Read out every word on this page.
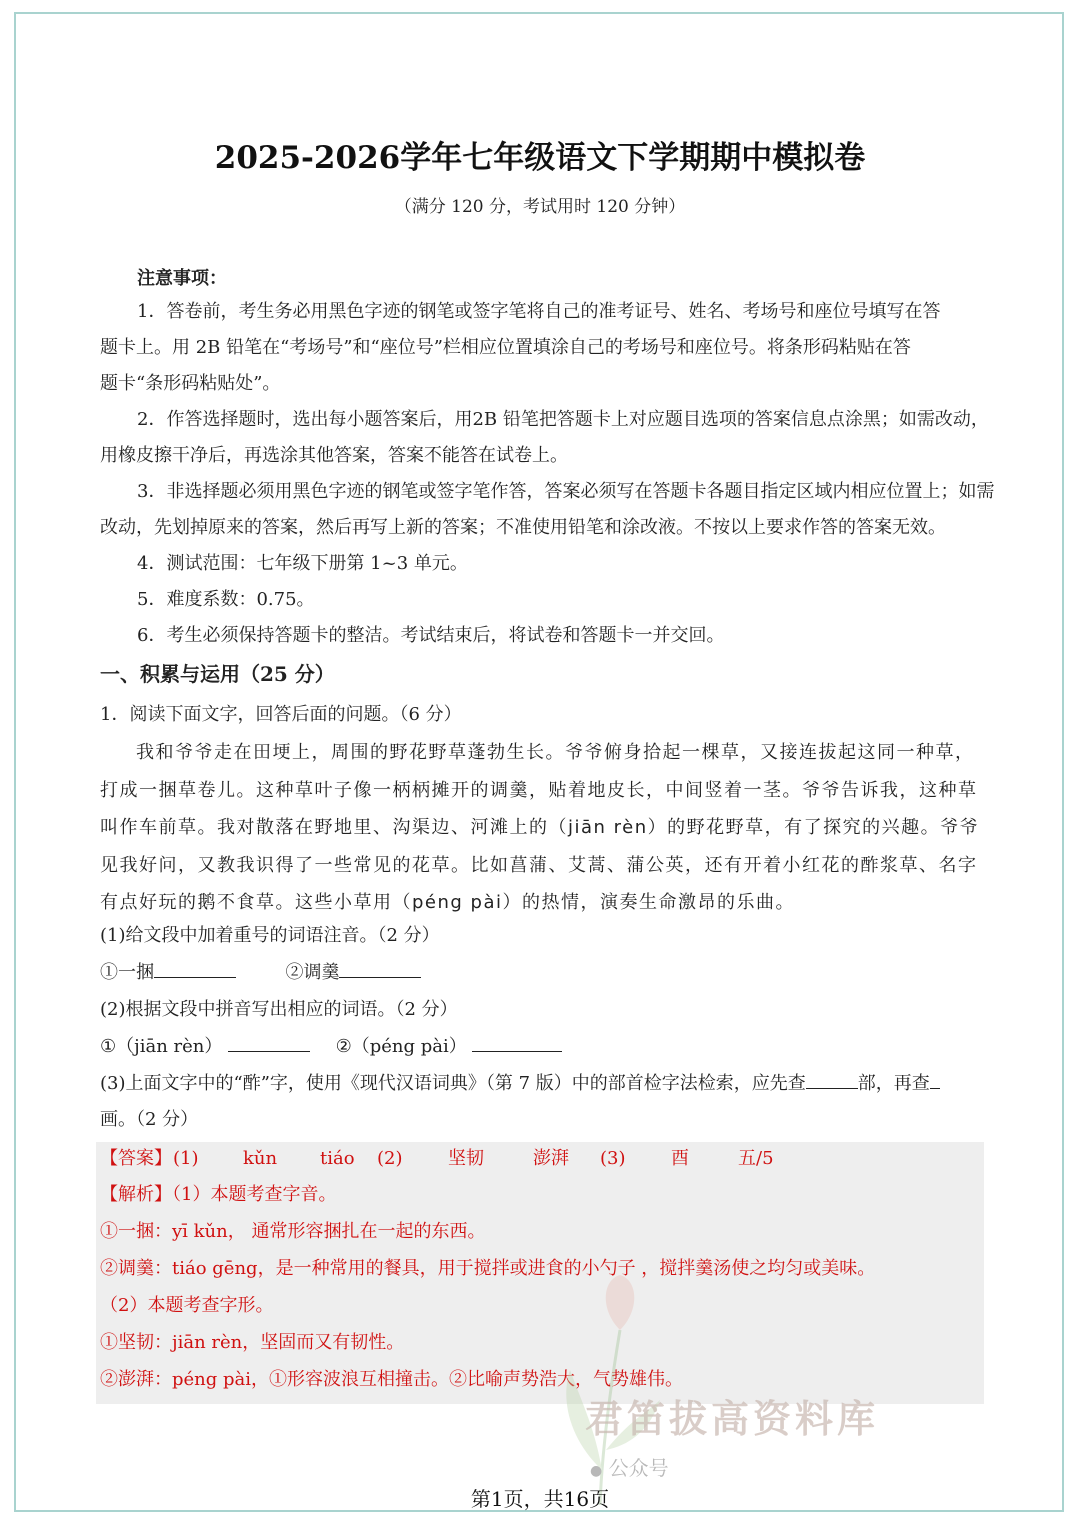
2025-2026学年七年级语文下学期期中模拟卷
（满分 120 分，考试用时 120 分钟）
注意事项：
1．答卷前，考生务必用黑色字迹的钢笔或签字笔将自己的准考证号、姓名、考场号和座位号填写在答
题卡上。用 2B 铅笔在“考场号”和“座位号”栏相应位置填涂自己的考场号和座位号。将条形码粘贴在答
题卡“条形码粘贴处”。
2．作答选择题时，选出每小题答案后，用2B 铅笔把答题卡上对应题目选项的答案信息点涂黑；如需改动，
用橡皮擦干净后，再选涂其他答案，答案不能答在试卷上。
3．非选择题必须用黑色字迹的钢笔或签字笔作答，答案必须写在答题卡各题目指定区域内相应位置上；如需
改动，先划掉原来的答案，然后再写上新的答案；不准使用铅笔和涂改液。不按以上要求作答的答案无效。
4．测试范围：七年级下册第 1~3 单元。
5．难度系数：0.75。
6．考生必须保持答题卡的整洁。考试结束后，将试卷和答题卡一并交回。
一、积累与运用（25 分）
1．阅读下面文字，回答后面的问题。（6 分）
我和爷爷走在田埂上，周围的野花野草蓬勃生长。爷爷俯身拾起一棵草，又接连拔起这同一种草，打成一捆草卷儿。这种草叶子像一柄柄摊开的调羹，贴着地皮长，中间竖着一茎。爷爷告诉我，这种草叫作车前草。我对散落在野地里、沟渠边、河滩上的（jiān rèn）的野花野草，有了探究的兴趣。爷爷见我好问，又教我识得了一些常见的花草。比如菖蒲、艾蒿、蒲公英，还有开着小红花的酢浆草、名字有点好玩的鹅不食草。这些小草用（péng pài）的热情，演奏生命激昂的乐曲。
(1)给文段中加着重号的词语注音。（2 分）
①一捆	②调羹
(2)根据文段中拼音写出相应的词语。（2 分）
①（jiān rèn）	②（péng pài）
(3)上面文字中的“酢”字，使用《现代汉语词典》（第 7 版）中的部首检字法检索，应先查	部，再查
画。（2 分）
【答案】 (1) kǔn tiáo (2)	坚韧	澎湃 (3)	酉	五/5
【解析】（1）本题考查字音。
①一捆：yī kǔn， 通常形容捆扎在一起的东西。
②调羹：tiáo gēng，是一种常用的餐具，用于搅拌或进食的小勺子 ，搅拌羹汤使之均匀或美味。
（2）本题考查字形。
①坚韧：jiān rèn，坚固而又有韧性。
②澎湃：péng pài，①形容波浪互相撞击。②比喻声势浩大，气势雄伟。
君笛拔高资料库
● 公众号
第1页，共16页
